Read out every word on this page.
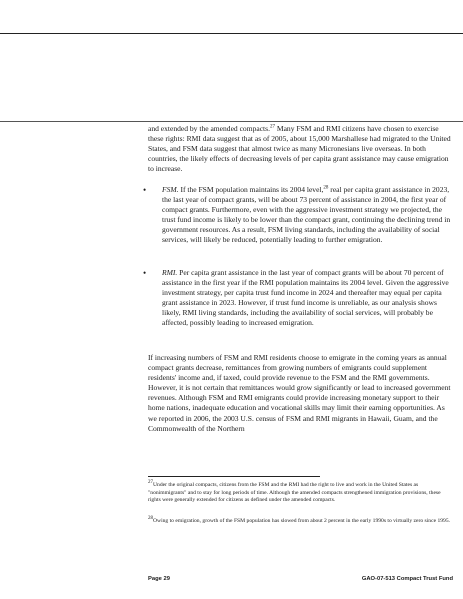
and extended by the amended compacts.$^{27}$ Many FSM and RMI citizens have chosen to exercise these rights: RMI data suggest that as of 2005, about 15,000 Marshallese had migrated to the United States, and FSM data suggest that almost twice as many Micronesians live overseas. In both countries, the likely effects of decreasing levels of per capita grant assistance may cause emigration to increase.

• FSM. If the FSM population maintains its 2004 level,$^{28}$ real per capita grant assistance in 2023, the last year of compact grants, will be about 73 percent of assistance in 2004, the first year of compact grants. Furthermore, even with the aggressive investment strategy we projected, the trust fund income is likely to be lower than the compact grant, continuing the declining trend in government resources. As a result, FSM living standards, including the availability of social services, will likely be reduced, potentially leading to further emigration.

• RMI. Per capita grant assistance in the last year of compact grants will be about 70 percent of assistance in the first year if the RMI population maintains its 2004 level. Given the aggressive investment strategy, per capita trust fund income in 2024 and thereafter may equal per capita grant assistance in 2023. However, if trust fund income is unreliable, as our analysis shows likely, RMI living standards, including the availability of social services, will probably be affected, possibly leading to increased emigration.

If increasing numbers of FSM and RMI residents choose to emigrate in the coming years as annual compact grants decrease, remittances from growing numbers of emigrants could supplement residents' income and, if taxed, could provide revenue to the FSM and the RMI governments. However, it is not certain that remittances would grow significantly or lead to increased government revenues. Although FSM and RMI emigrants could provide increasing monetary support to their home nations, inadequate education and vocational skills may limit their earning opportunities. As we reported in 2006, the 2003 U.S. census of FSM and RMI migrants in Hawaii, Guam, and the Commonwealth of the Northern

$^{27}$Under the original compacts, citizens from the FSM and the RMI had the right to live and work in the United States as "nonimmigrants" and to stay for long periods of time. Although the amended compacts strengthened immigration provisions, these rights were generally extended for citizens as defined under the amended compacts.

$^{28}$Owing to emigration, growth of the FSM population has slowed from about 2 percent in the early 1990s to virtually zero since 1995.

Page 29	GAO-07-513 Compact Trust Fund
